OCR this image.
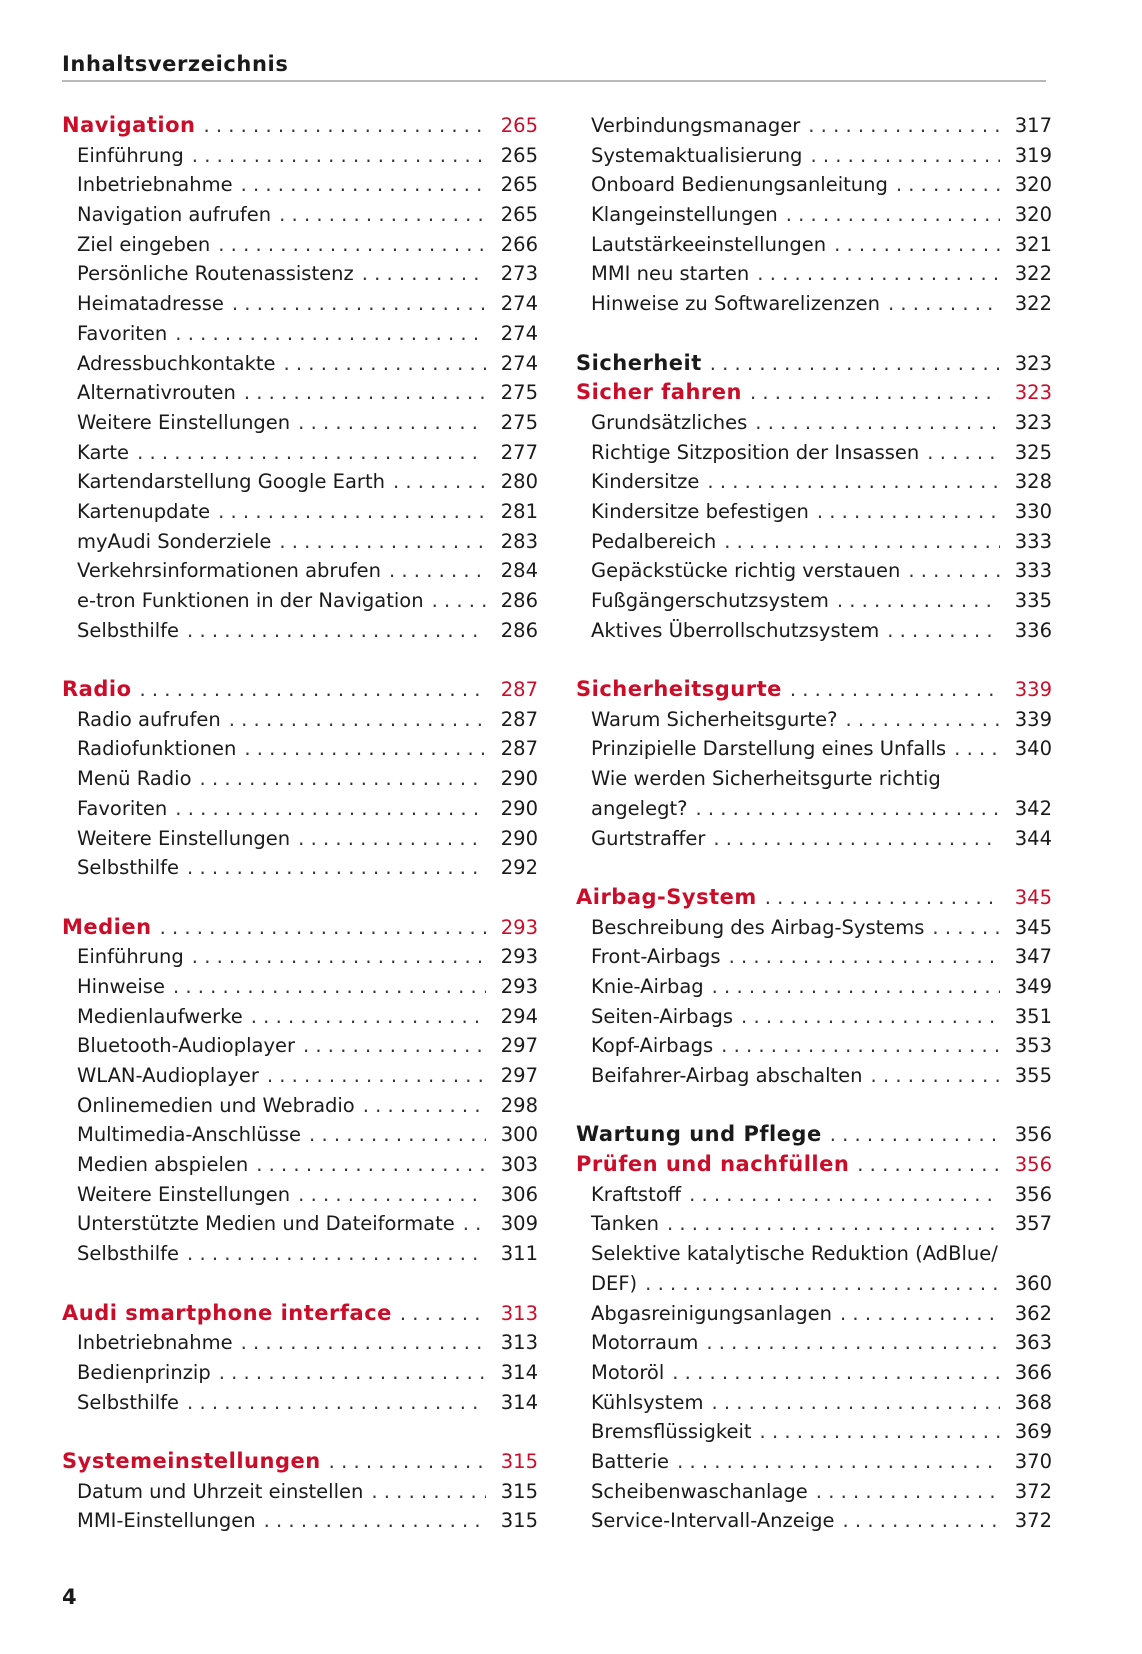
Inhaltsverzeichnis
Navigation . . .	265
Einführung . . .	265
Inbetriebnahme . . .	265
Navigation aufrufen . . .	265
Ziel eingeben . . .	266
Persönliche Routenassistenz . . .	273
Heimatadresse . . .	274
Favoriten . . .	274
Adressbuchkontakte . . .	274
Alternativrouten . . .	275
Weitere Einstellungen . . .	275
Karte . . .	277
Kartendarstellung Google Earth . . .	280
Kartenupdate . . .	281
myAudi Sonderziele . . .	283
Verkehrsinformationen abrufen . . .	284
e-tron Funktionen in der Navigation . . .	286
Selbsthilfe . . .	286
Radio . . .	287
Radio aufrufen . . .	287
Radiofunktionen . . .	287
Menü Radio . . .	290
Favoriten . . .	290
Weitere Einstellungen . . .	290
Selbsthilfe . . .	292
Medien . . .	293
Einführung . . .	293
Hinweise . . .	293
Medienlaufwerke . . .	294
Bluetooth-Audioplayer . . .	297
WLAN-Audioplayer . . .	297
Onlinemedien und Webradio . . .	298
Multimedia-Anschlüsse . . .	300
Medien abspielen . . .	303
Weitere Einstellungen . . .	306
Unterstützte Medien und Dateiformate . . . 309
Selbsthilfe . . .	311
Audi smartphone interface . . .	313
Inbetriebnahme . . .	313
Bedienprinzip . . .	314
Selbsthilfe . . .	314
Systemeinstellungen . . .	315
Datum und Uhrzeit einstellen . . .	315
MMI-Einstellungen . . .	315
Verbindungsmanager . . .	317
Systemaktualisierung . . .	319
Onboard Bedienungsanleitung . . .	320
Klangeinstellungen . . .	320
Lautstärkeeinstellungen . . .	321
MMI neu starten . . .	322
Hinweise zu Softwarelizenzen . . .	322
Sicherheit . . .	323
Sicher fahren . . .	323
Grundsätzliches . . .	323
Richtige Sitzposition der Insassen . . .	325
Kindersitze . . .	328
Kindersitze befestigen . . .	330
Pedalbereich . . .	333
Gepäckstücke richtig verstauen . . .	333
Fußgängerschutzsystem . . .	335
Aktives Überrollschutzsystem . . .	336
Sicherheitsgurte . . .	339
Warum Sicherheitsgurte? . . .	339
Prinzipielle Darstellung eines Unfalls . . .	340
Wie werden Sicherheitsgurte richtig
angelegt? . . .	342
Gurtstraffer . . .	344
Airbag-System . . .	345
Beschreibung des Airbag-Systems . . .	345
Front-Airbags . . .	347
Knie-Airbag . . .	349
Seiten-Airbags . . .	351
Kopf-Airbags . . .	353
Beifahrer-Airbag abschalten . . .	355
Wartung und Pflege . . .	356
Prüfen und nachfüllen . . .	356
Kraftstoff . . .	356
Tanken . . .	357
Selektive katalytische Reduktion (AdBlue/
DEF) . . .	360
Abgasreinigungsanlagen . . .	362
Motorraum . . .	363
Motoröl . . .	366
Kühlsystem . . .	368
Bremsflüssigkeit . . .	369
Batterie . . .	370
Scheibenwaschanlage . . .	372
Service-Intervall-Anzeige . . .	372
4
